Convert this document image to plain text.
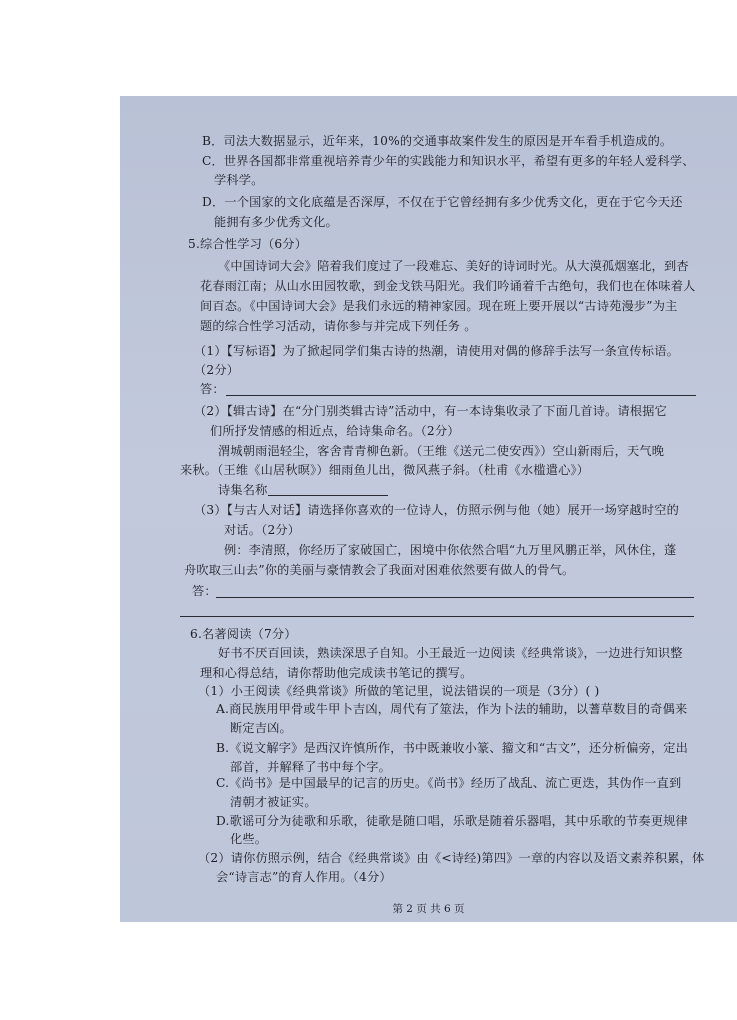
B．司法大数据显示，近年来，10%的交通事故案件发生的原因是开车看手机造成的。
C．世界各国都非常重视培养青少年的实践能力和知识水平，希望有更多的年轻人爱科学、
学科学。
D．一个国家的文化底蕴是否深厚，不仅在于它曾经拥有多少优秀文化，更在于它今天还
能拥有多少优秀文化。
5.综合性学习（6分）
《中国诗词大会》陪着我们度过了一段难忘、美好的诗词时光。从大漠孤烟塞北，到杏
花春雨江南；从山水田园牧歌，到金戈铁马阳光。我们吟诵着千古绝句，我们也在体味着人
间百态。《中国诗词大会》是我们永远的精神家园。现在班上要开展以“古诗苑漫步”为主
题的综合性学习活动，请你参与并完成下列任务 。
（1）【写标语】为了掀起同学们集古诗的热潮，请使用对偶的修辞手法写一条宣传标语。
（2分）
答：
（2）【辑古诗】在“分门别类辑古诗”活动中，有一本诗集收录了下面几首诗。请根据它
们所抒发情感的相近点，给诗集命名。（2分）
渭城朝雨浥轻尘，客舍青青柳色新。（王维《送元二使安西》）空山新雨后，天气晚
来秋。（王维《山居秋暝》）细雨鱼儿出，微风燕子斜。（杜甫《水槛遣心》）
诗集名称
（3）【与古人对话】请选择你喜欢的一位诗人，仿照示例与他（她）展开一场穿越时空的
对话。（2分）
例：李清照，你经历了家破国亡，困境中你依然合唱“九万里风鹏正举，风休住，蓬
舟吹取三山去”你的美丽与豪情教会了我面对困难依然要有做人的骨气。
答：
6.名著阅读（7分）
好书不厌百回读，熟读深思子自知。小王最近一边阅读《经典常谈》，一边进行知识整
理和心得总结，请你帮助他完成读书笔记的撰写。
（1）小王阅读《经典常谈》所做的笔记里，说法错误的一项是（3分）( )
A.商民族用甲骨或牛甲卜吉凶，周代有了筮法，作为卜法的辅助，以蓍草数目的奇偶来
断定吉凶。
B.《说文解字》是西汉许慎所作，书中既兼收小篆、籀文和“古文”，还分析偏旁，定出
部首，并解释了书中每个字。
C.《尚书》是中国最早的记言的历史。《尚书》经历了战乱、流亡更迭，其伪作一直到
清朝才被证实。
D.歌谣可分为徒歌和乐歌，徒歌是随口唱，乐歌是随着乐器唱，其中乐歌的节奏更规律
化些。
（2）请你仿照示例，结合《经典常谈》由《<诗经)第四》一章的内容以及语文素养积累，体
会“诗言志”的育人作用。（4分）
第 2 页 共 6 页
